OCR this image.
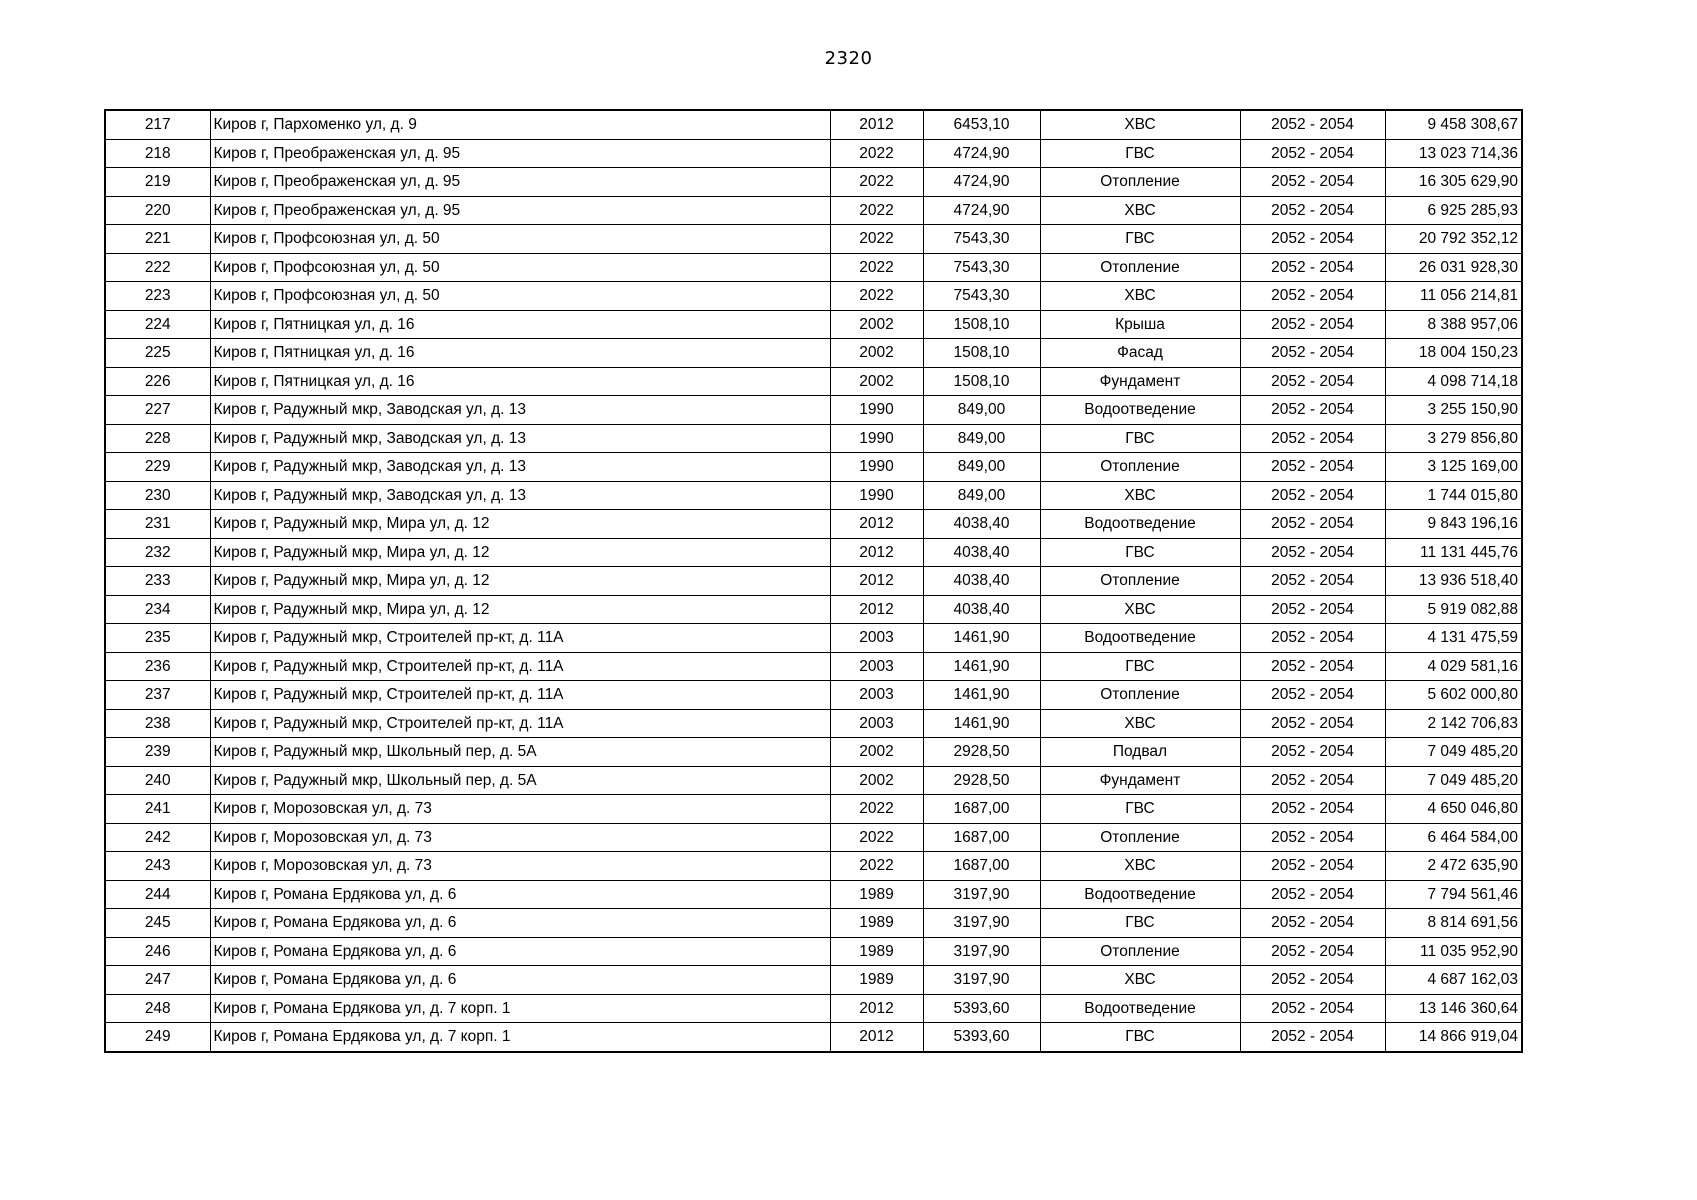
2320
217	Киров г, Пархоменко ул, д. 9	2012	6453,10	ХВС	2052 - 2054	9 458 308,67
218	Киров г, Преображенская ул, д. 95	2022	4724,90	ГВС	2052 - 2054	13 023 714,36
219	Киров г, Преображенская ул, д. 95	2022	4724,90	Отопление	2052 - 2054	16 305 629,90
220	Киров г, Преображенская ул, д. 95	2022	4724,90	ХВС	2052 - 2054	6 925 285,93
221	Киров г, Профсоюзная ул, д. 50	2022	7543,30	ГВС	2052 - 2054	20 792 352,12
222	Киров г, Профсоюзная ул, д. 50	2022	7543,30	Отопление	2052 - 2054	26 031 928,30
223	Киров г, Профсоюзная ул, д. 50	2022	7543,30	ХВС	2052 - 2054	11 056 214,81
224	Киров г, Пятницкая ул, д. 16	2002	1508,10	Крыша	2052 - 2054	8 388 957,06
225	Киров г, Пятницкая ул, д. 16	2002	1508,10	Фасад	2052 - 2054	18 004 150,23
226	Киров г, Пятницкая ул, д. 16	2002	1508,10	Фундамент	2052 - 2054	4 098 714,18
227	Киров г, Радужный мкр, Заводская ул, д. 13	1990	849,00	Водоотведение	2052 - 2054	3 255 150,90
228	Киров г, Радужный мкр, Заводская ул, д. 13	1990	849,00	ГВС	2052 - 2054	3 279 856,80
229	Киров г, Радужный мкр, Заводская ул, д. 13	1990	849,00	Отопление	2052 - 2054	3 125 169,00
230	Киров г, Радужный мкр, Заводская ул, д. 13	1990	849,00	ХВС	2052 - 2054	1 744 015,80
231	Киров г, Радужный мкр, Мира ул, д. 12	2012	4038,40	Водоотведение	2052 - 2054	9 843 196,16
232	Киров г, Радужный мкр, Мира ул, д. 12	2012	4038,40	ГВС	2052 - 2054	11 131 445,76
233	Киров г, Радужный мкр, Мира ул, д. 12	2012	4038,40	Отопление	2052 - 2054	13 936 518,40
234	Киров г, Радужный мкр, Мира ул, д. 12	2012	4038,40	ХВС	2052 - 2054	5 919 082,88
235	Киров г, Радужный мкр, Строителей пр-кт, д. 11А	2003	1461,90	Водоотведение	2052 - 2054	4 131 475,59
236	Киров г, Радужный мкр, Строителей пр-кт, д. 11А	2003	1461,90	ГВС	2052 - 2054	4 029 581,16
237	Киров г, Радужный мкр, Строителей пр-кт, д. 11А	2003	1461,90	Отопление	2052 - 2054	5 602 000,80
238	Киров г, Радужный мкр, Строителей пр-кт, д. 11А	2003	1461,90	ХВС	2052 - 2054	2 142 706,83
239	Киров г, Радужный мкр, Школьный пер, д. 5А	2002	2928,50	Подвал	2052 - 2054	7 049 485,20
240	Киров г, Радужный мкр, Школьный пер, д. 5А	2002	2928,50	Фундамент	2052 - 2054	7 049 485,20
241	Киров г, Морозовская ул, д. 73	2022	1687,00	ГВС	2052 - 2054	4 650 046,80
242	Киров г, Морозовская ул, д. 73	2022	1687,00	Отопление	2052 - 2054	6 464 584,00
243	Киров г, Морозовская ул, д. 73	2022	1687,00	ХВС	2052 - 2054	2 472 635,90
244	Киров г, Романа Ердякова ул, д. 6	1989	3197,90	Водоотведение	2052 - 2054	7 794 561,46
245	Киров г, Романа Ердякова ул, д. 6	1989	3197,90	ГВС	2052 - 2054	8 814 691,56
246	Киров г, Романа Ердякова ул, д. 6	1989	3197,90	Отопление	2052 - 2054	11 035 952,90
247	Киров г, Романа Ердякова ул, д. 6	1989	3197,90	ХВС	2052 - 2054	4 687 162,03
248	Киров г, Романа Ердякова ул, д. 7 корп. 1	2012	5393,60	Водоотведение	2052 - 2054	13 146 360,64
249	Киров г, Романа Ердякова ул, д. 7 корп. 1	2012	5393,60	ГВС	2052 - 2054	14 866 919,04
